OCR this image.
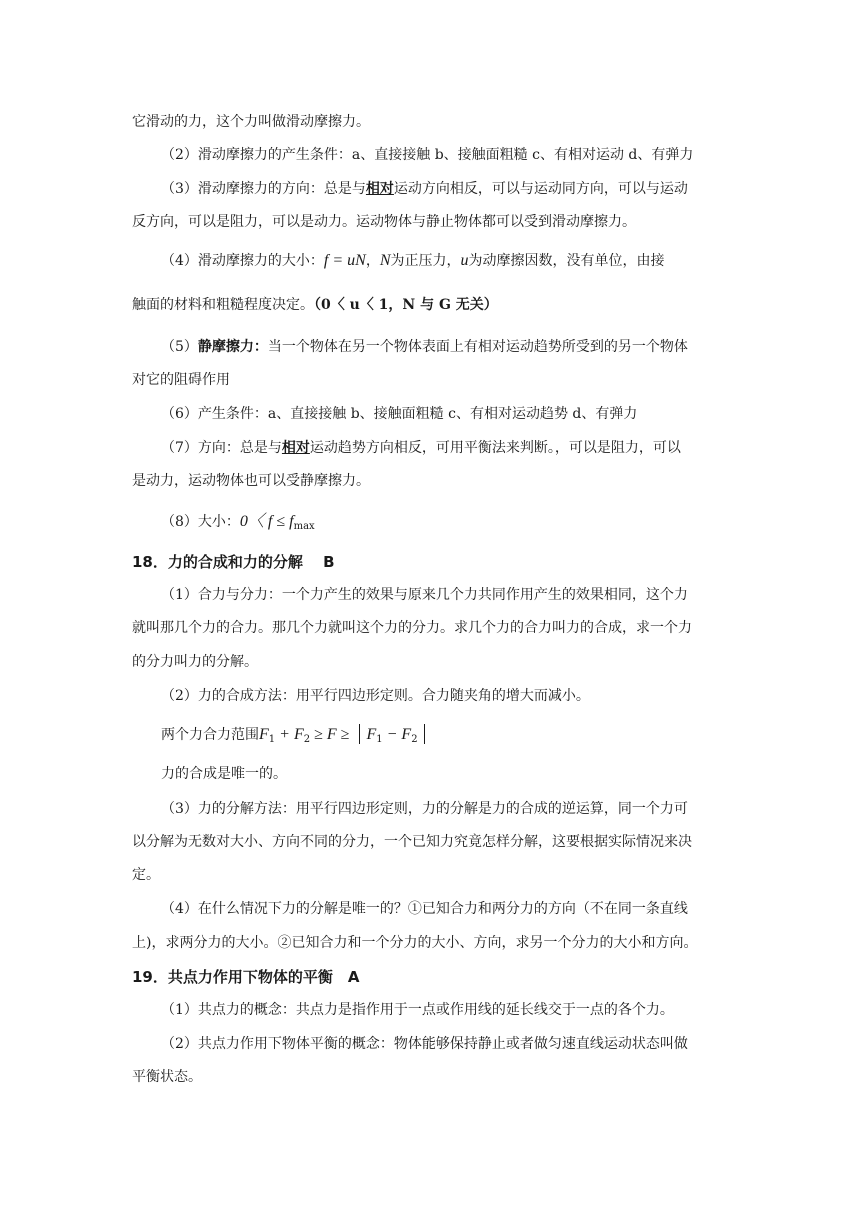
它滑动的力，这个力叫做滑动摩擦力。
（2）滑动摩擦力的产生条件：a、直接接触 b、接触面粗糙 c、有相对运动 d、有弹力
（3）滑动摩擦力的方向：总是与相对运动方向相反，可以与运动同方向，可以与运动
反方向，可以是阻力，可以是动力。运动物体与静止物体都可以受到滑动摩擦力。
（4）滑动摩擦力的大小：f = uN，N为正压力，u为动摩擦因数，没有单位，由接
触面的材料和粗糙程度决定。（0〈 u〈 1，N 与 G 无关）
（5）静摩擦力：当一个物体在另一个物体表面上有相对运动趋势所受到的另一个物体
对它的阻碍作用
（6）产生条件：a、直接接触 b、接触面粗糙 c、有相对运动趋势 d、有弹力
（7）方向：总是与相对运动趋势方向相反，可用平衡法来判断。，可以是阻力，可以
是动力，运动物体也可以受静摩擦力。
（8）大小：0〈 $f \le f_{max}$
18．力的合成和力的分解　 B
（1）合力与分力：一个力产生的效果与原来几个力共同作用产生的效果相同，这个力
就叫那几个力的合力。那几个力就叫这个力的分力。求几个力的合力叫力的合成，求一个力
的分力叫力的分解。
（2）力的合成方法：用平行四边形定则。合力随夹角的增大而减小。
两个力合力范围$F_1 + F_2 \ge F \ge F_1 - F_2$
力的合成是唯一的。
（3）力的分解方法：用平行四边形定则，力的分解是力的合成的逆运算，同一个力可
以分解为无数对大小、方向不同的分力，一个已知力究竟怎样分解，这要根据实际情况来决
定。
（4）在什么情况下力的分解是唯一的？①已知合力和两分力的方向（不在同一条直线
上)，求两分力的大小。②已知合力和一个分力的大小、方向，求另一个分力的大小和方向。
19．共点力作用下物体的平衡　A
（1）共点力的概念：共点力是指作用于一点或作用线的延长线交于一点的各个力。
（2）共点力作用下物体平衡的概念：物体能够保持静止或者做匀速直线运动状态叫做
平衡状态。
